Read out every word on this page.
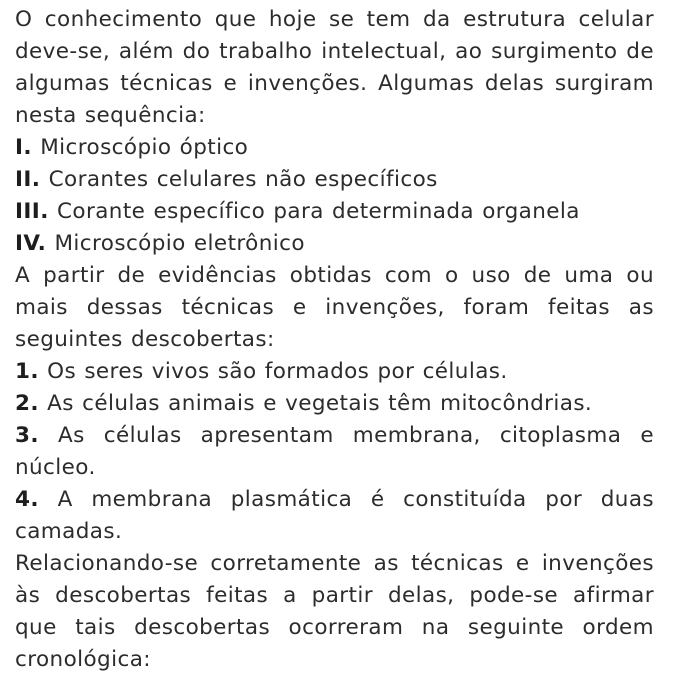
O conhecimento que hoje se tem da estrutura celular deve-se, além do trabalho intelectual, ao surgimento de algumas técnicas e invenções. Algumas delas surgiram nesta sequência:

I. Microscópio óptico
II. Corantes celulares não específicos
III. Corante específico para determinada organela
IV. Microscópio eletrônico

A partir de evidências obtidas com o uso de uma ou mais dessas técnicas e invenções, foram feitas as seguintes descobertas:

1. Os seres vivos são formados por células.
2. As células animais e vegetais têm mitocôndrias.
3. As células apresentam membrana, citoplasma e núcleo.
4. A membrana plasmática é constituída por duas camadas.

Relacionando-se corretamente as técnicas e invenções às descobertas feitas a partir delas, pode-se afirmar que tais descobertas ocorreram na seguinte ordem cronológica:
